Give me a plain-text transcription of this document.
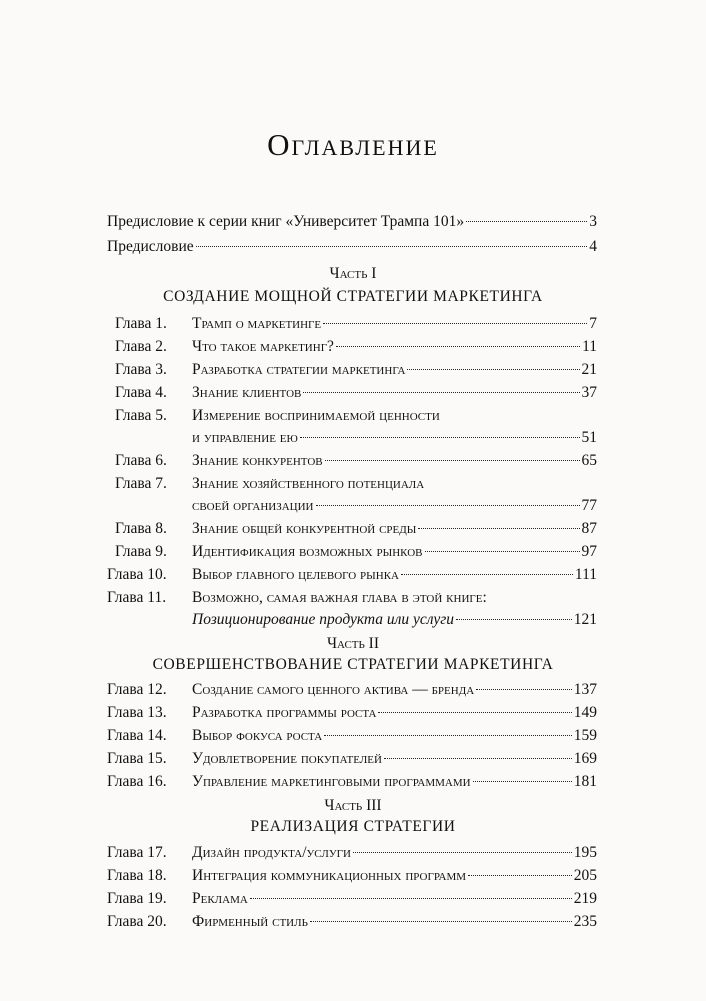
Оглавление
Предисловие к серии книг «Университет Трампа 101»	3
Предисловие	4
Часть I
СОЗДАНИЕ МОЩНОЙ СТРАТЕГИИ МАРКЕТИНГА
Глава 1.	Трамп о маркетинге	7
Глава 2.	Что такое маркетинг?	11
Глава 3.	Разработка стратегии маркетинга	21
Глава 4.	Знание клиентов	37
Глава 5.	Измерение воспринимаемой ценности
и управление ею	51
Глава 6.	Знание конкурентов	65
Глава 7.	Знание хозяйственного потенциала
своей организации	77
Глава 8.	Знание общей конкурентной среды	87
Глава 9.	Идентификация возможных рынков	97
Глава 10.	Выбор главного целевого рынка	111
Глава 11.	Возможно, самая важная глава в этой книге:
Позиционирование продукта или услуги	121
Часть II
СОВЕРШЕНСТВОВАНИЕ СТРАТЕГИИ МАРКЕТИНГА
Глава 12.	Создание самого ценного актива — бренда	137
Глава 13.	Разработка программы роста	149
Глава 14.	Выбор фокуса роста	159
Глава 15.	Удовлетворение покупателей	169
Глава 16.	Управление маркетинговыми программами	181
Часть III
РЕАЛИЗАЦИЯ СТРАТЕГИИ
Глава 17.	Дизайн продукта/услуги	195
Глава 18.	Интеграция коммуникационных программ	205
Глава 19.	Реклама	219
Глава 20.	Фирменный стиль	235
